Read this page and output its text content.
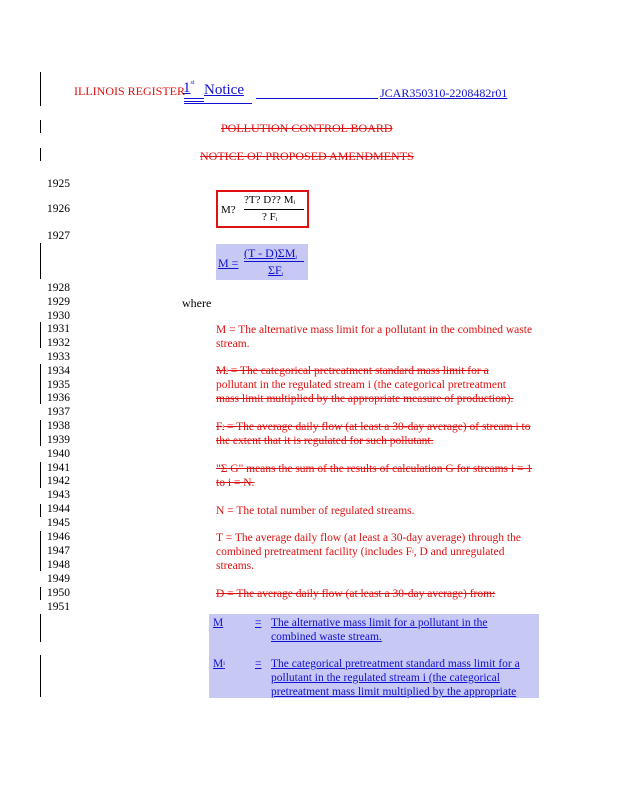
ILLINOIS REGISTER
1st Notice	JCAR350310-2208482r01
POLLUTION CONTROL BOARD
NOTICE OF PROPOSED AMENDMENTS
1925
1926
1927
1928
1929
1930
1931
1932
1933
1934
1935
1936
1937
1938
1939
1940
1941
1942
1943
1944
1945
1946
1947
1948
1949
1950
1951
M?
?T? D?? Mi
? Fi
M =
(T - D)ΣMi
ΣFi
where
M = The alternative mass limit for a pollutant in the combined waste stream.
Mi = The categorical pretreatment standard mass limit for a
pollutant in the regulated stream i (the categorical pretreatment
mass limit multiplied by the appropriate measure of production).
Fi = The average daily flow (at least a 30-day average) of stream i to the extent that it is regulated for such pollutant.
"Σ G" means the sum of the results of calculation G for streams i = 1 to i = N.
N = The total number of regulated streams.
T = The average daily flow (at least a 30-day average) through the combined pretreatment facility (includes Fi, D and unregulated streams.
D = The average daily flow (at least a 30-day average) from:
M	= The alternative mass limit for a pollutant in the combined waste stream.
Mi	= The categorical pretreatment standard mass limit for a pollutant in the regulated stream i (the categorical pretreatment mass limit multiplied by the appropriate
